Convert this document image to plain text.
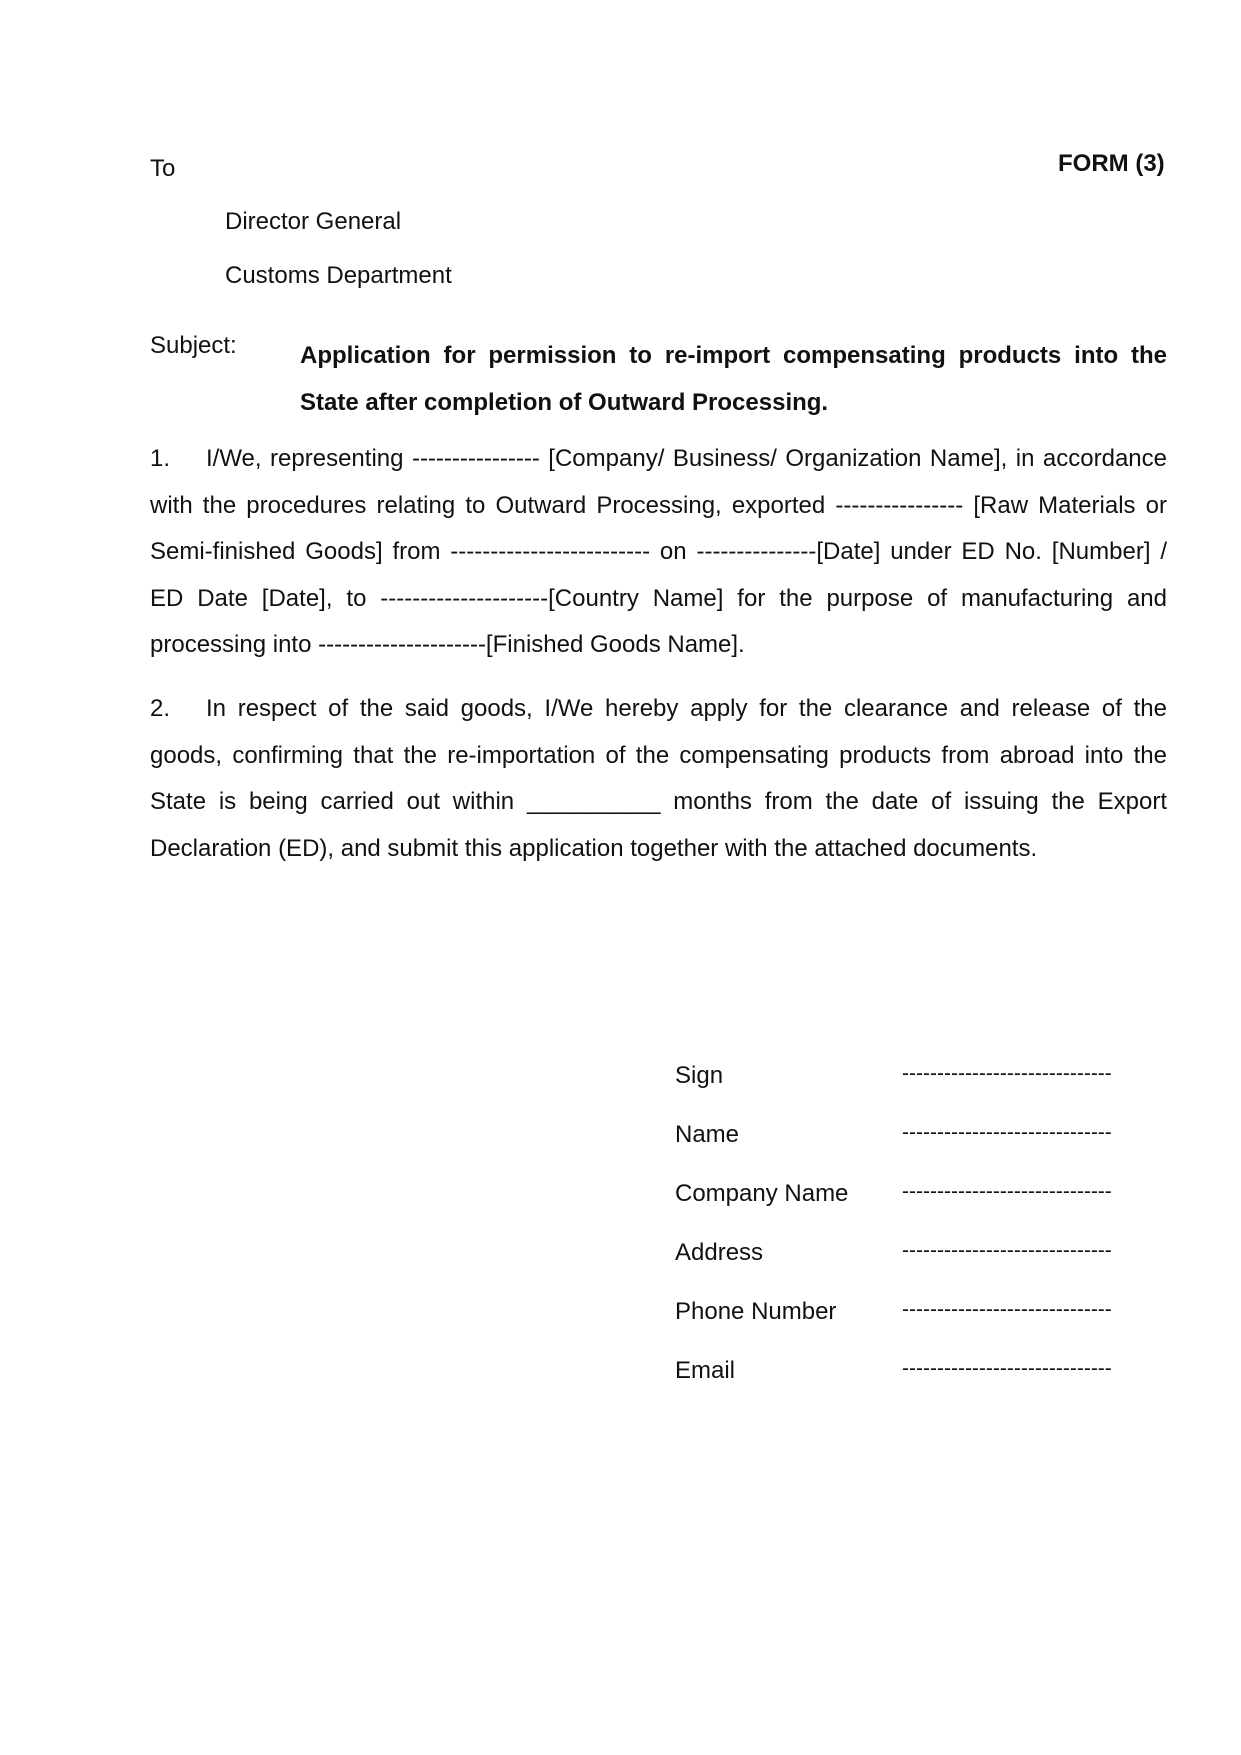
To	FORM (3)
Director General
Customs Department
Subject:	Application for permission to re-import compensating products into the State after completion of Outward Processing.
1. I/We, representing ---------------- [Company/ Business/ Organization Name], in accordance with the procedures relating to Outward Processing, exported ---------------- [Raw Materials or Semi-finished Goods] from ------------------------- on ---------------[Date] under ED No. [Number] / ED Date [Date], to ---------------------[Country Name] for the purpose of manufacturing and processing into ---------------------[Finished Goods Name].
2. In respect of the said goods, I/We hereby apply for the clearance and release of the goods, confirming that the re-importation of the compensating products from abroad into the State is being carried out within __________ months from the date of issuing the Export Declaration (ED), and submit this application together with the attached documents.
Sign	------------------------------
Name	------------------------------
Company Name	------------------------------
Address	------------------------------
Phone Number	------------------------------
Email	------------------------------
